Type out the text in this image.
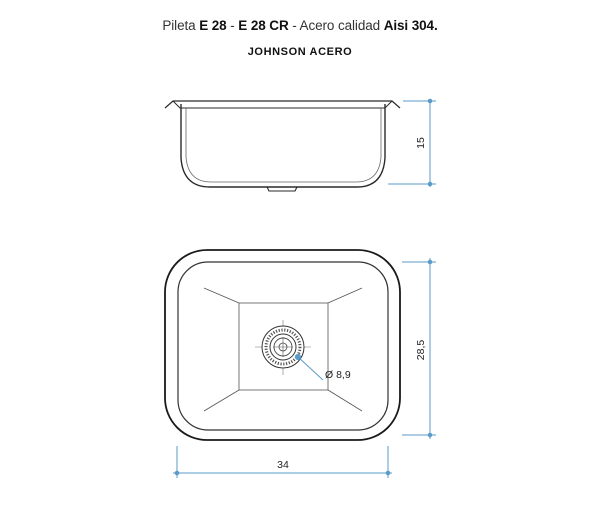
Pileta E 28 - E 28 CR - Acero calidad Aisi 304.
JOHNSON ACERO
15
28,5
34
Ø 8,9
